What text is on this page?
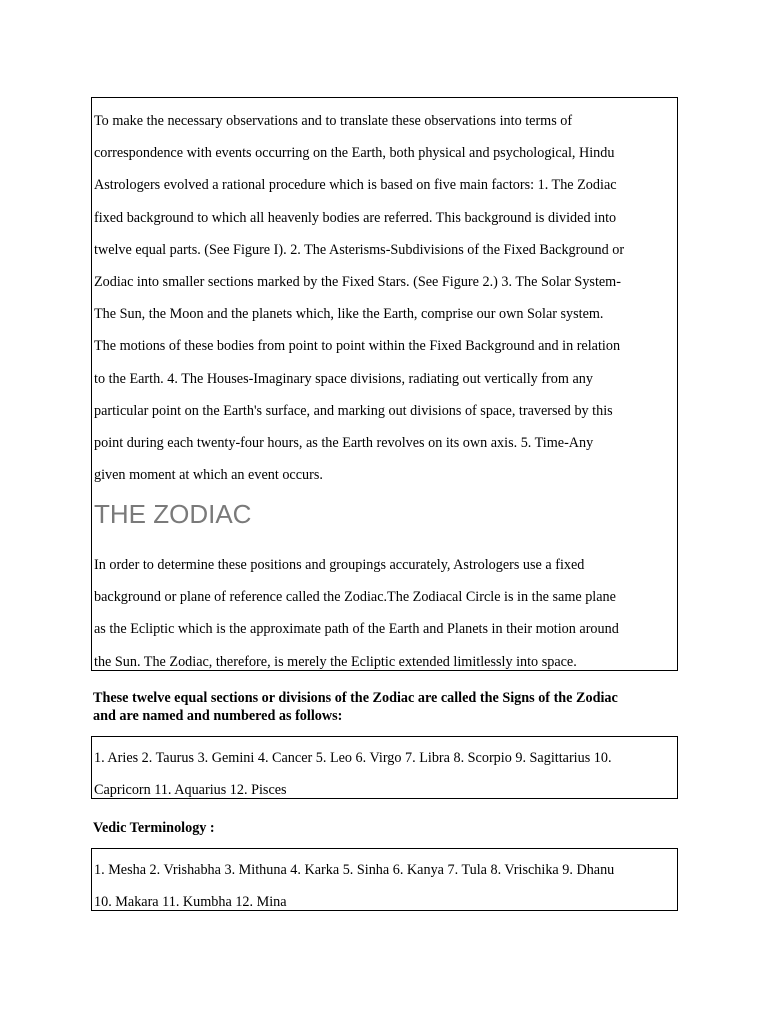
To make the necessary observations and to translate these observations into terms of
correspondence with events occurring on the Earth, both physical and psychological, Hindu
Astrologers evolved a rational procedure which is based on five main factors: 1. The Zodiac
fixed background to which all heavenly bodies are referred. This background is divided into
twelve equal parts. (See Figure I). 2. The Asterisms-Subdivisions of the Fixed Background or
Zodiac into smaller sections marked by the Fixed Stars. (See Figure 2.) 3. The Solar System-
The Sun, the Moon and the planets which, like the Earth, comprise our own Solar system.
The motions of these bodies from point to point within the Fixed Background and in relation
to the Earth. 4. The Houses-Imaginary space divisions, radiating out vertically from any
particular point on the Earth's surface, and marking out divisions of space, traversed by this
point during each twenty-four hours, as the Earth revolves on its own axis. 5. Time-Any
given moment at which an event occurs.

THE ZODIAC

In order to determine these positions and groupings accurately, Astrologers use a fixed
background or plane of reference called the Zodiac.The Zodiacal Circle is in the same plane
as the Ecliptic which is the approximate path of the Earth and Planets in their motion around
the Sun. The Zodiac, therefore, is merely the Ecliptic extended limitlessly into space.

These twelve equal sections or divisions of the Zodiac are called the Signs of the Zodiac
and are named and numbered as follows:

1. Aries 2. Taurus 3. Gemini 4. Cancer 5. Leo 6. Virgo 7. Libra 8. Scorpio 9. Sagittarius 10.
Capricorn 11. Aquarius 12. Pisces

Vedic Terminology :

1. Mesha 2. Vrishabha 3. Mithuna 4. Karka 5. Sinha 6. Kanya 7. Tula 8. Vrischika 9. Dhanu
10. Makara 11. Kumbha 12. Mina
